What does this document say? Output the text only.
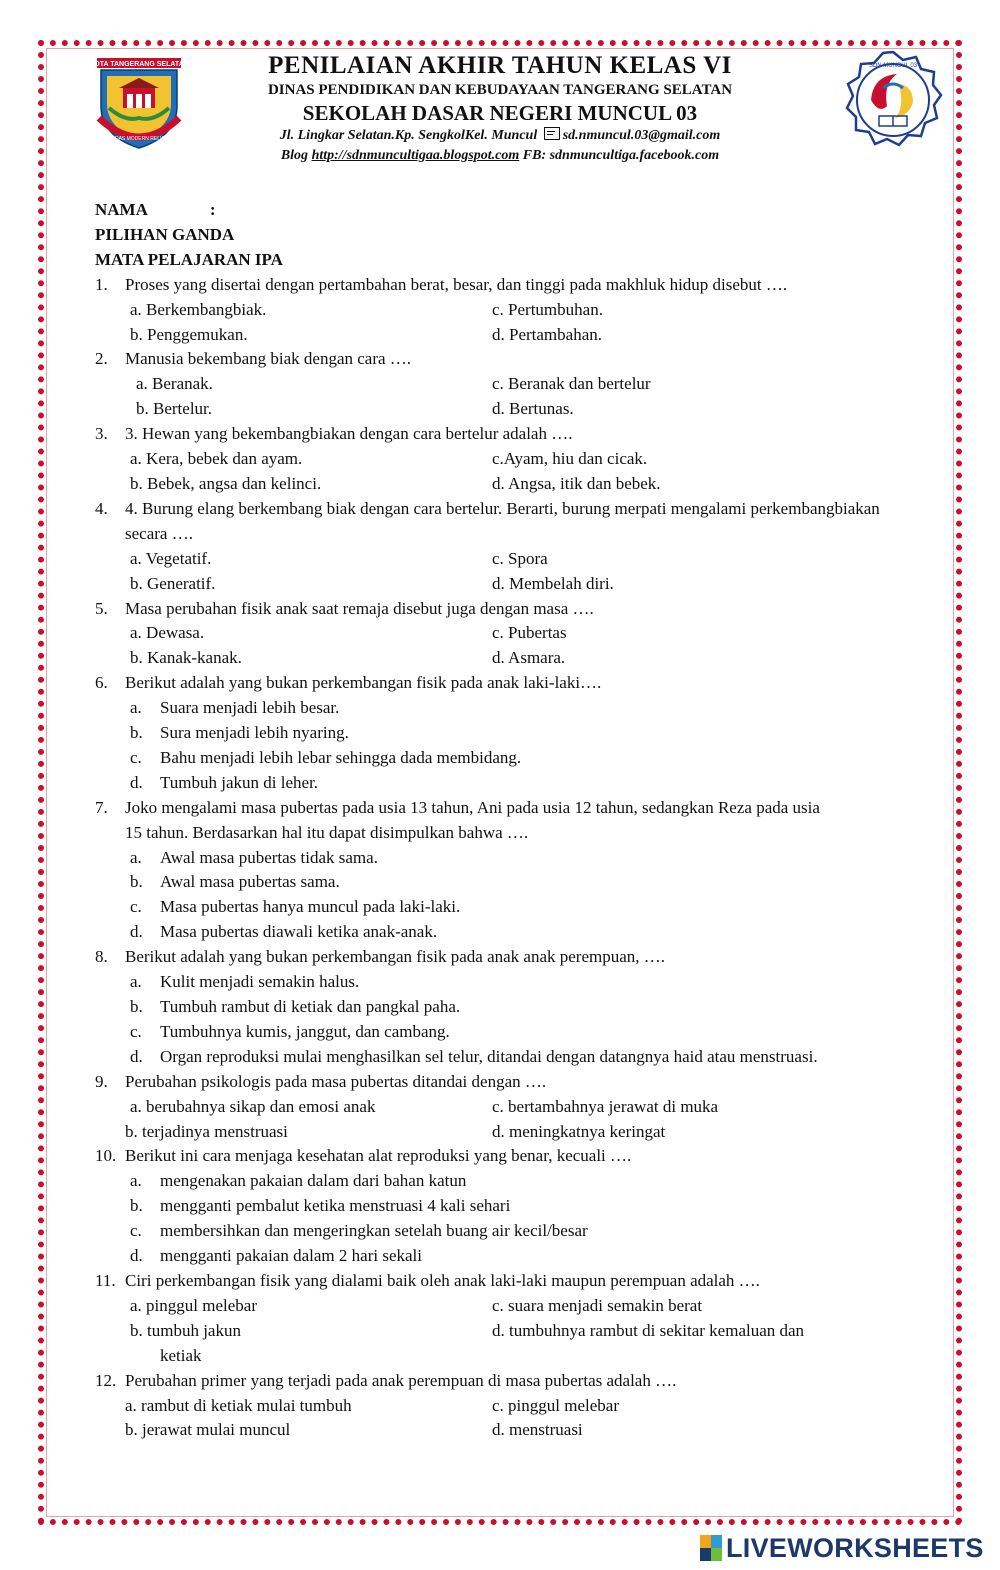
KOTA TANGERANG SELATAN
CERDAS MODERN RELIGIUS
SDN MUNCUL 03
PENILAIAN AKHIR TAHUN KELAS VI
DINAS PENDIDIKAN DAN KEBUDAYAAN TANGERANG SELATAN
SEKOLAH DASAR NEGERI MUNCUL 03
Jl. Lingkar Selatan.Kp. SengkolKel. Muncul sd.nmuncul.03@gmail.com
Blog http://sdnmuncultigaa.blogspot.com FB: sdnmuncultiga.facebook.com
NAMA	:
PILIHAN GANDA
MATA PELAJARAN IPA
1. Proses yang disertai dengan pertambahan berat, besar, dan tinggi pada makhluk hidup disebut ….
a. Berkembangbiak.	c. Pertumbuhan.
b. Penggemukan.	d. Pertambahan.
2. Manusia bekembang biak dengan cara ….
a. Beranak.	c. Beranak dan bertelur
b. Bertelur.	d. Bertunas.
3. 3. Hewan yang bekembangbiakan dengan cara bertelur adalah ….
a. Kera, bebek dan ayam.	c.Ayam, hiu dan cicak.
b. Bebek, angsa dan kelinci.	d. Angsa, itik dan bebek.
4. 4. Burung elang berkembang biak dengan cara bertelur. Berarti, burung merpati mengalami perkembangbiakan secara ….
a. Vegetatif.	c. Spora
b. Generatif.	d. Membelah diri.
5. Masa perubahan fisik anak saat remaja disebut juga dengan masa ….
a. Dewasa.	c. Pubertas
b. Kanak-kanak.	d. Asmara.
6. Berikut adalah yang bukan perkembangan fisik pada anak laki-laki….
a. Suara menjadi lebih besar.
b. Sura menjadi lebih nyaring.
c. Bahu menjadi lebih lebar sehingga dada membidang.
d. Tumbuh jakun di leher.
7. Joko mengalami masa pubertas pada usia 13 tahun, Ani pada usia 12 tahun, sedangkan Reza pada usia 15 tahun. Berdasarkan hal itu dapat disimpulkan bahwa ….
a. Awal masa pubertas tidak sama.
b. Awal masa pubertas sama.
c. Masa pubertas hanya muncul pada laki-laki.
d. Masa pubertas diawali ketika anak-anak.
8. Berikut adalah yang bukan perkembangan fisik pada anak anak perempuan, ….
a. Kulit menjadi semakin halus.
b. Tumbuh rambut di ketiak dan pangkal paha.
c. Tumbuhnya kumis, janggut, dan cambang.
d. Organ reproduksi mulai menghasilkan sel telur, ditandai dengan datangnya haid atau menstruasi.
9. Perubahan psikologis pada masa pubertas ditandai dengan ….
a. berubahnya sikap dan emosi anak	c. bertambahnya jerawat di muka
b. terjadinya menstruasi	d. meningkatnya keringat
10. Berikut ini cara menjaga kesehatan alat reproduksi yang benar, kecuali ….
a. mengenakan pakaian dalam dari bahan katun
b. mengganti pembalut ketika menstruasi 4 kali sehari
c. membersihkan dan mengeringkan setelah buang air kecil/besar
d. mengganti pakaian dalam 2 hari sekali
11. Ciri perkembangan fisik yang dialami baik oleh anak laki-laki maupun perempuan adalah ….
a. pinggul melebar	c. suara menjadi semakin berat
b. tumbuh jakun	d. tumbuhnya rambut di sekitar kemaluan dan
ketiak
12. Perubahan primer yang terjadi pada anak perempuan di masa pubertas adalah ….
a. rambut di ketiak mulai tumbuh	c. pinggul melebar
b. jerawat mulai muncul	d. menstruasi
LIVEWORKSHEETS
